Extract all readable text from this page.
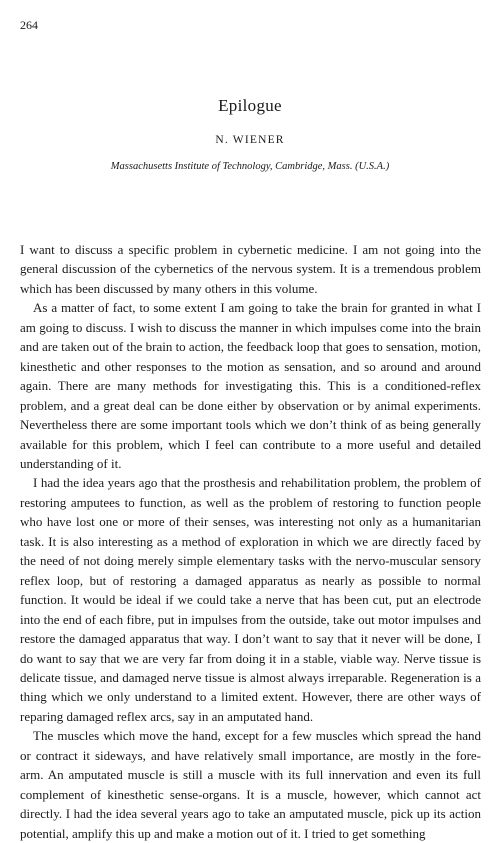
264
Epilogue
N. WIENER
Massachusetts Institute of Technology, Cambridge, Mass. (U.S.A.)

I want to discuss a specific problem in cybernetic medicine. I am not going into the general discussion of the cybernetics of the nervous system. It is a tremendous problem which has been discussed by many others in this volume.

As a matter of fact, to some extent I am going to take the brain for granted in what I am going to discuss. I wish to discuss the manner in which impulses come into the brain and are taken out of the brain to action, the feedback loop that goes to sensation, motion, kinesthetic and other responses to the motion as sensation, and so around and around again. There are many methods for investigating this. This is a conditioned-reflex problem, and a great deal can be done either by observation or by animal experiments. Nevertheless there are some important tools which we don’t think of as being generally available for this problem, which I feel can contribute to a more useful and detailed understanding of it.

I had the idea years ago that the prosthesis and rehabilitation problem, the problem of restoring amputees to function, as well as the problem of restoring to function people who have lost one or more of their senses, was interesting not only as a humanitarian task. It is also interesting as a method of exploration in which we are directly faced by the need of not doing merely simple elementary tasks with the nervo-muscular sensory reflex loop, but of restoring a damaged apparatus as nearly as possible to normal function. It would be ideal if we could take a nerve that has been cut, put an electrode into the end of each fibre, put in impulses from the outside, take out motor impulses and restore the damaged apparatus that way. I don’t want to say that it never will be done, I do want to say that we are very far from doing it in a stable, viable way. Nerve tissue is delicate tissue, and damaged nerve tissue is almost always irreparable. Regeneration is a thing which we only understand to a limited extent. However, there are other ways of reparing damaged reflex arcs, say in an amputated hand.

The muscles which move the hand, except for a few muscles which spread the hand or contract it sideways, and have relatively small importance, are mostly in the fore-arm. An amputated muscle is still a muscle with its full innervation and even its full complement of kinesthetic sense-organs. It is a muscle, however, which cannot act directly. I had the idea several years ago to take an amputated muscle, pick up its action potential, amplify this up and make a motion out of it. I tried to get something
